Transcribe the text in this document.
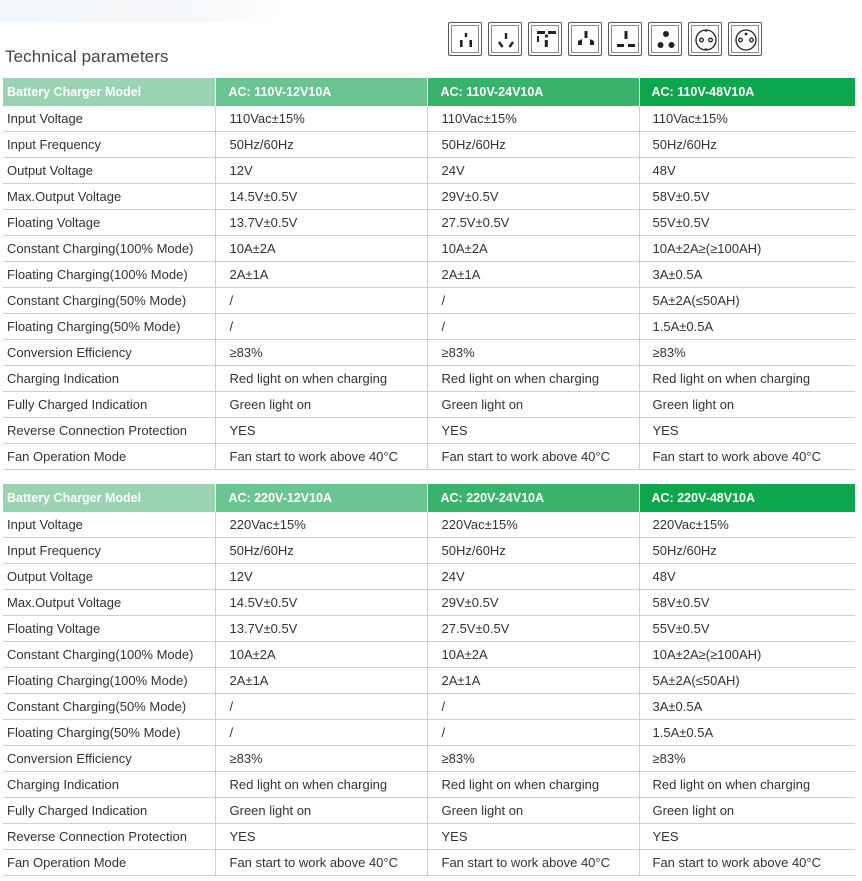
Technical parameters
Battery Charger Model	AC: 110V-12V10A	AC: 110V-24V10A	AC: 110V-48V10A
Input Voltage	110Vac±15%	110Vac±15%	110Vac±15%
Input Frequency	50Hz/60Hz	50Hz/60Hz	50Hz/60Hz
Output Voltage	12V	24V	48V
Max.Output Voltage	14.5V±0.5V	29V±0.5V	58V±0.5V
Floating Voltage	13.7V±0.5V	27.5V±0.5V	55V±0.5V
Constant Charging(100% Mode)	10A±2A	10A±2A	10A±2A≥(≥100AH)
Floating Charging(100% Mode)	2A±1A	2A±1A	3A±0.5A
Constant Charging(50% Mode)	/	/	5A±2A(≤50AH)
Floating Charging(50% Mode)	/	/	1.5A±0.5A
Conversion Efficiency	≥83%	≥83%	≥83%
Charging Indication	Red light on when charging	Red light on when charging	Red light on when charging
Fully Charged Indication	Green light on	Green light on	Green light on
Reverse Connection Protection	YES	YES	YES
Fan Operation Mode	Fan start to work above 40°C	Fan start to work above 40°C	Fan start to work above 40°C
Battery Charger Model	AC: 220V-12V10A	AC: 220V-24V10A	AC: 220V-48V10A
Input Voltage	220Vac±15%	220Vac±15%	220Vac±15%
Input Frequency	50Hz/60Hz	50Hz/60Hz	50Hz/60Hz
Output Voltage	12V	24V	48V
Max.Output Voltage	14.5V±0.5V	29V±0.5V	58V±0.5V
Floating Voltage	13.7V±0.5V	27.5V±0.5V	55V±0.5V
Constant Charging(100% Mode)	10A±2A	10A±2A	10A±2A≥(≥100AH)
Floating Charging(100% Mode)	2A±1A	2A±1A	5A±2A(≤50AH)
Constant Charging(50% Mode)	/	/	3A±0.5A
Floating Charging(50% Mode)	/	/	1.5A±0.5A
Conversion Efficiency	≥83%	≥83%	≥83%
Charging Indication	Red light on when charging	Red light on when charging	Red light on when charging
Fully Charged Indication	Green light on	Green light on	Green light on
Reverse Connection Protection	YES	YES	YES
Fan Operation Mode	Fan start to work above 40°C	Fan start to work above 40°C	Fan start to work above 40°C
